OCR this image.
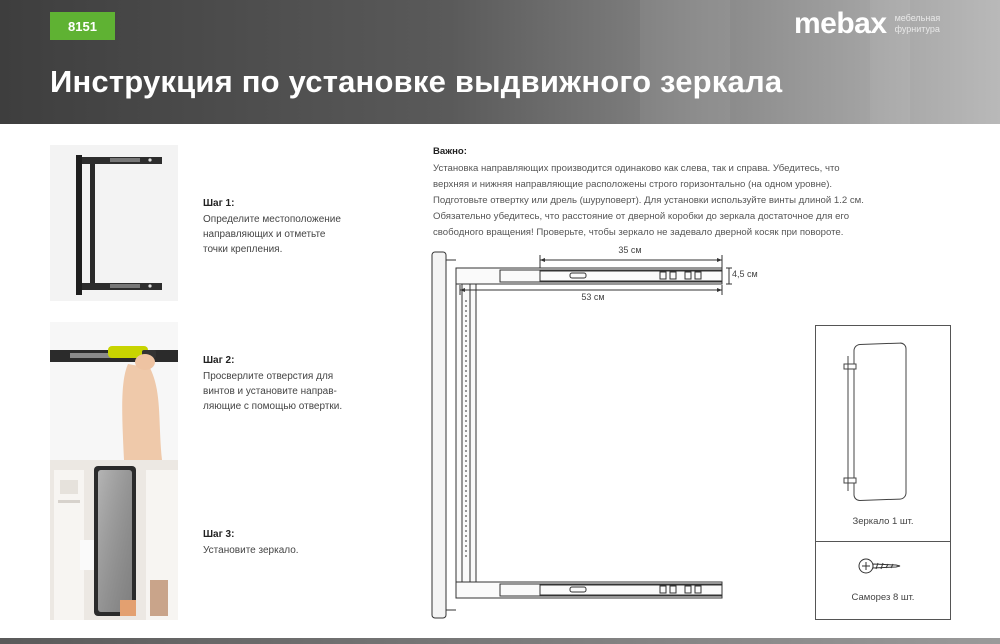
8151	mebax мебельная фурнитура
Инструкция по установке выдвижного зеркала
Шаг 1:
Определите местоположение направляющих и отметьте точки крепления.
Шаг 2:
Просверлите отверстия для винтов и установите направ-ляющие с помощью отвертки.
Шаг 3:
Установите зеркало.
Важно:
Установка направляющих производится одинаково как слева, так и справа. Убедитесь, что верхняя и нижняя направляющие расположены строго горизонтально (на одном уровне). Подготовьте отвертку или дрель (шуруповерт). Для установки используйте винты длиной 1.2 см. Обязательно убедитесь, что расстояние от дверной коробки до зеркала достаточное для его свободного вращения! Проверьте, чтобы зеркало не задевало дверной косяк при повороте.
35 см
53 см
4,5 см
Зеркало 1 шт.
Саморез 8 шт.
